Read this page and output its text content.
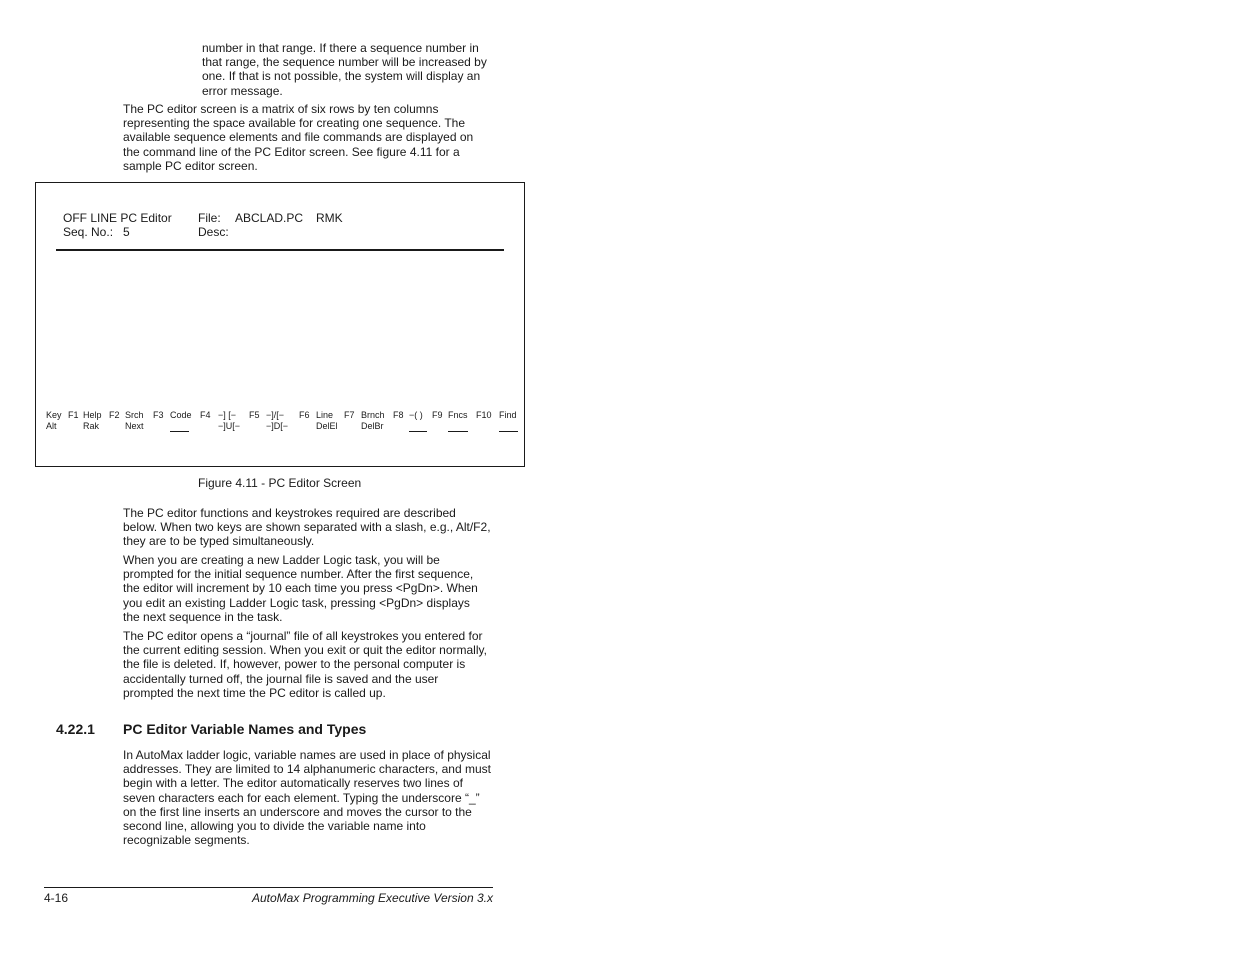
number in that range. If there a sequence number in
that range, the sequence number will be increased by
one. If that is not possible, the system will display an
error message.

The PC editor screen is a matrix of six rows by ten columns
representing the space available for creating one sequence. The
available sequence elements and file commands are displayed on
the command line of the PC Editor screen. See figure 4.11 for a
sample PC editor screen.

OFF LINE PC Editor
Seq. No.: 5
File: ABCLAD.PC RMK
Desc:
Key
Alt
F1 Help
Rak
F2 Srch
Next
F3 Code F4 −] [−
−]U[−
F5 −]/[−
−]D[−
F6 Line
DelEl
F7 Brnch
DelBr
F8 −( ) F9 Fncs F10 Find
Figure 4.11 - PC Editor Screen

The PC editor functions and keystrokes required are described
below. When two keys are shown separated with a slash, e.g., Alt/F2,
they are to be typed simultaneously.

When you are creating a new Ladder Logic task, you will be
prompted for the initial sequence number. After the first sequence,
the editor will increment by 10 each time you press <PgDn>. When
you edit an existing Ladder Logic task, pressing <PgDn> displays
the next sequence in the task.

The PC editor opens a “journal” file of all keystrokes you entered for
the current editing session. When you exit or quit the editor normally,
the file is deleted. If, however, power to the personal computer is
accidentally turned off, the journal file is saved and the user
prompted the next time the PC editor is called up.

4.22.1 PC Editor Variable Names and Types

In AutoMax ladder logic, variable names are used in place of physical
addresses. They are limited to 14 alphanumeric characters, and must
begin with a letter. The editor automatically reserves two lines of
seven characters each for each element. Typing the underscore “_”
on the first line inserts an underscore and moves the cursor to the
second line, allowing you to divide the variable name into
recognizable segments.

4-16	AutoMax Programming Executive Version 3.x
